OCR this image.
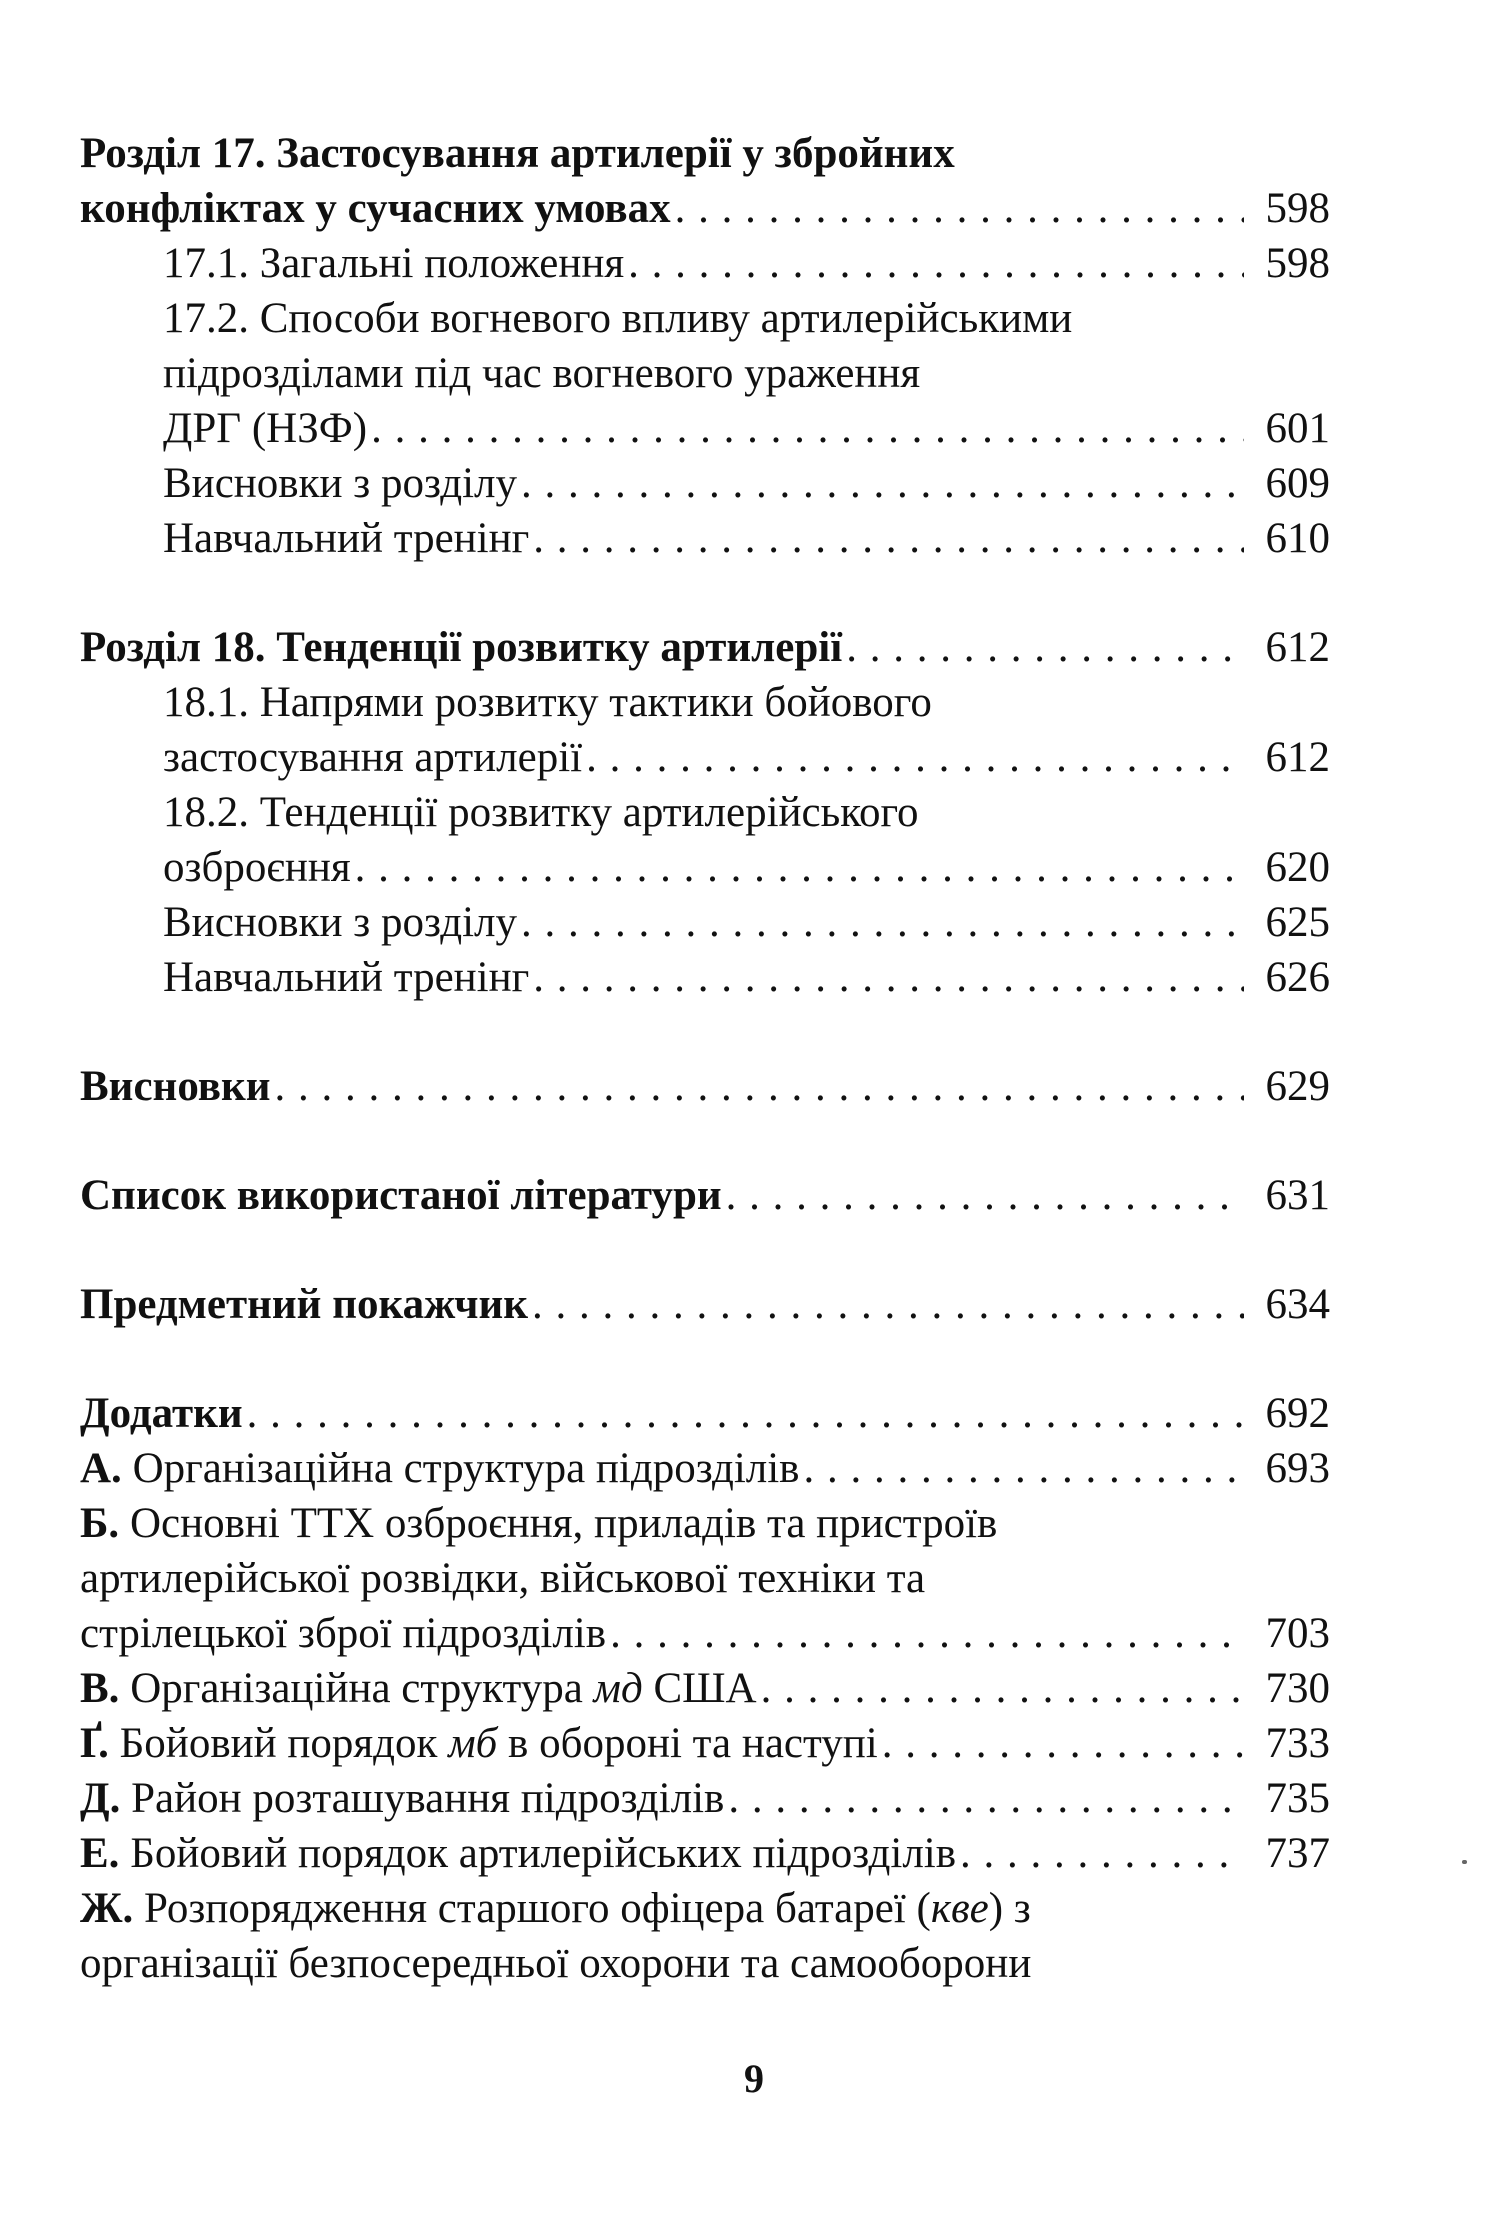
Розділ 17. Застосування артилерії у збройних
конфліктах у сучасних умовах . . .	598
17.1. Загальні положення . . .	598
17.2. Способи вогневого впливу артилерійськими
підрозділами під час вогневого ураження
ДРГ (НЗФ) . . .	601
Висновки з розділу . . .	609
Навчальний тренінг . . .	610
Розділ 18. Тенденції розвитку артилерії . . .	612
18.1. Напрями розвитку тактики бойового
застосування артилерії . . .	612
18.2. Тенденції розвитку артилерійського
озброєння . . .	620
Висновки з розділу . . .	625
Навчальний тренінг . . .	626
Висновки . . .	629
Список використаної літератури . . .	631
Предметний покажчик . . .	634
Додатки . . .	692
А. Організаційна структура підрозділів . . .	693
Б. Основні ТТХ озброєння, приладів та пристроїв
артилерійської розвідки, військової техніки та
стрілецької зброї підрозділів . . .	703
В. Організаційна структура мд США . . .	730
Ґ. Бойовий порядок мб в обороні та наступі . . .	733
Д. Район розташування підрозділів . . .	735
Е. Бойовий порядок артилерійських підрозділів . . .	737
Ж. Розпорядження старшого офіцера батареї (кве) з
організації безпосередньої охорони та самооборони
9
